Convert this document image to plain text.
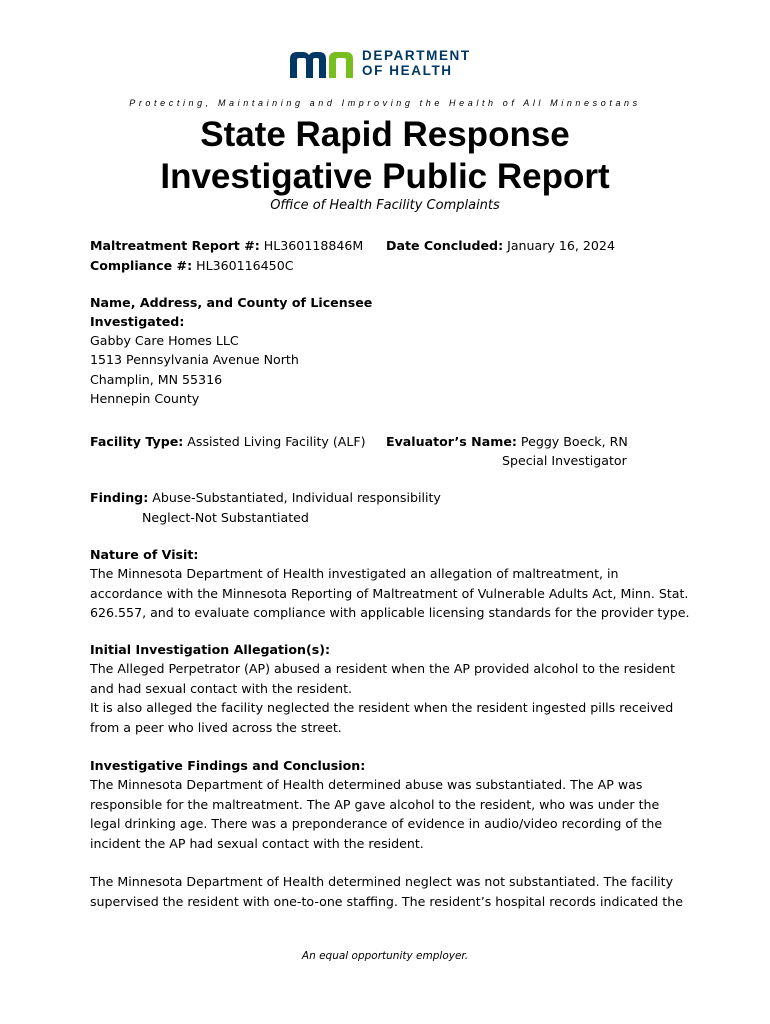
DEPARTMENT
OF HEALTH
Protecting, Maintaining and Improving the Health of All Minnesotans
State Rapid Response
Investigative Public Report
Office of Health Facility Complaints
Maltreatment Report #: HL360118846M
Compliance #: HL360116450C
Date Concluded: January 16, 2024
Name, Address, and County of Licensee
Investigated:
Gabby Care Homes LLC
1513 Pennsylvania Avenue North
Champlin, MN 55316
Hennepin County
Facility Type: Assisted Living Facility (ALF) Evaluator’s Name: Peggy Boeck, RN
Special Investigator
Finding: Abuse-Substantiated, Individual responsibility
Neglect-Not Substantiated

Nature of Visit:

The Minnesota Department of Health investigated an allegation of maltreatment, in accordance with the Minnesota Reporting of Maltreatment of Vulnerable Adults Act, Minn. Stat. 626.557, and to evaluate compliance with applicable licensing standards for the provider type.

Initial Investigation Allegation(s):

The Alleged Perpetrator (AP) abused a resident when the AP provided alcohol to the resident and had sexual contact with the resident.

It is also alleged the facility neglected the resident when the resident ingested pills received from a peer who lived across the street.

Investigative Findings and Conclusion:

The Minnesota Department of Health determined abuse was substantiated. The AP was responsible for the maltreatment. The AP gave alcohol to the resident, who was under the legal drinking age. There was a preponderance of evidence in audio/video recording of the incident the AP had sexual contact with the resident.

The Minnesota Department of Health determined neglect was not substantiated. The facility supervised the resident with one-to-one staffing. The resident’s hospital records indicated the

An equal opportunity employer.
